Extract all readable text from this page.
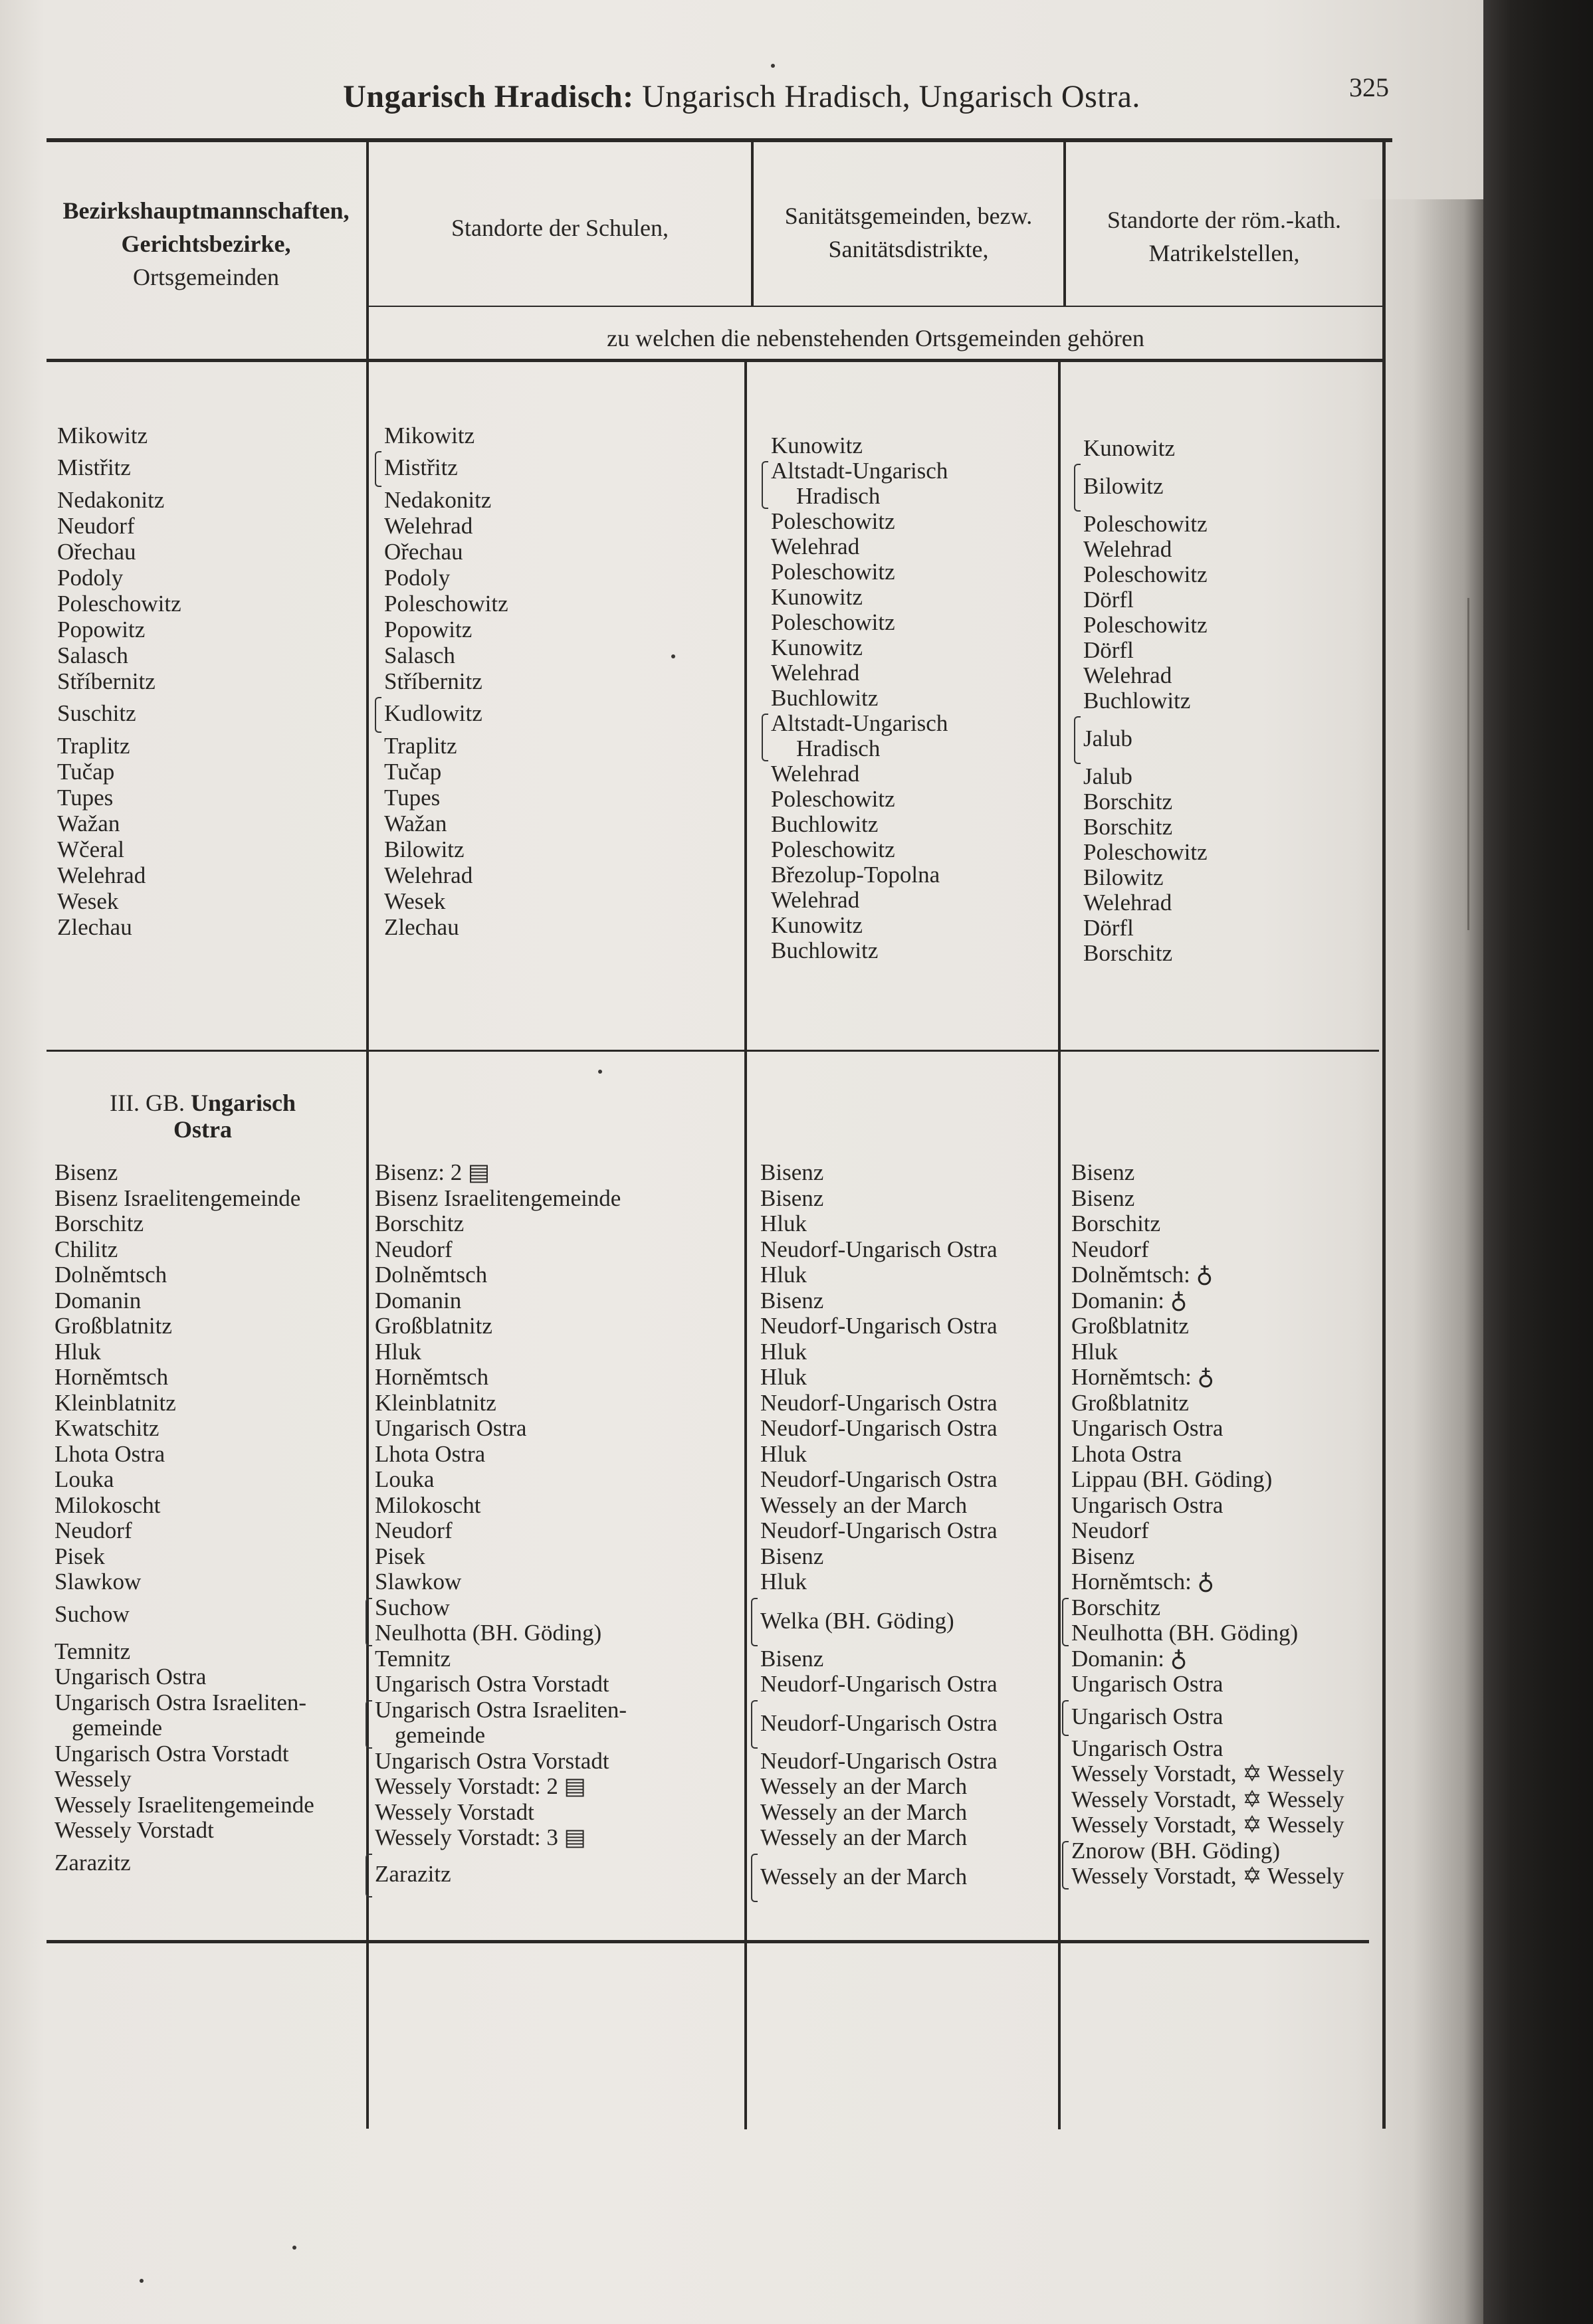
Ungarisch Hradisch: Ungarisch Hradisch, Ungarisch Ostra.	325
Bezirkshauptmannschaften,
Gerichtsbezirke,
Ortsgemeinden
Standorte der Schulen,	Sanitätsgemeinden, bezw.
Sanitätsdistrikte,
Standorte der röm.-kath.
Matrikelstellen,
zu welchen die nebenstehenden Ortsgemeinden gehören
Mikowitz
Mistřitz
Nedakonitz
Neudorf
Ořechau
Podoly
Poleschowitz
Popowitz
Salasch
Stříbernitz
Suschitz
Traplitz
Tučap
Tupes
Wažan
Wčeral
Welehrad
Wesek
Zlechau
Mikowitz
Mistřitz
Nedakonitz
Welehrad
Ořechau
Podoly
Poleschowitz
Popowitz
Salasch
Stříbernitz
Kudlowitz
Traplitz
Tučap
Tupes
Wažan
Bilowitz
Welehrad
Wesek
Zlechau
Kunowitz
Altstadt-Ungarisch
Hradisch
Poleschowitz
Welehrad
Poleschowitz
Kunowitz
Poleschowitz
Kunowitz
Welehrad
Buchlowitz
Altstadt-Ungarisch
Hradisch
Welehrad
Poleschowitz
Buchlowitz
Poleschowitz
Březolup-Topolna
Welehrad
Kunowitz
Buchlowitz
Kunowitz
Bilowitz
Poleschowitz
Welehrad
Poleschowitz
Dörfl
Poleschowitz
Dörfl
Welehrad
Buchlowitz
Jalub
Jalub
Borschitz
Borschitz
Poleschowitz
Bilowitz
Welehrad
Dörfl
Borschitz
III. GB. Ungarisch
Ostra
Bisenz
Bisenz Israelitengemeinde
Borschitz
Chilitz
Dolněmtsch
Domanin
Großblatnitz
Hluk
Horněmtsch
Kleinblatnitz
Kwatschitz
Lhota Ostra
Louka
Milokoscht
Neudorf
Pisek
Slawkow
Suchow
Temnitz
Ungarisch Ostra
Ungarisch Ostra Israeliten-
gemeinde
Ungarisch Ostra Vorstadt
Wessely
Wessely Israelitengemeinde
Wessely Vorstadt
Zarazitz
Bisenz: 2 ▤
Bisenz Israelitengemeinde
Borschitz
Neudorf
Dolněmtsch
Domanin
Großblatnitz
Hluk
Horněmtsch
Kleinblatnitz
Ungarisch Ostra
Lhota Ostra
Louka
Milokoscht
Neudorf
Pisek
Slawkow
Suchow
Neulhotta (BH. Göding)
Temnitz
Ungarisch Ostra Vorstadt
Ungarisch Ostra Israeliten-
gemeinde
Ungarisch Ostra Vorstadt
Wessely Vorstadt: 2 ▤
Wessely Vorstadt
Wessely Vorstadt: 3 ▤
Zarazitz
Bisenz
Bisenz
Hluk
Neudorf-Ungarisch Ostra
Hluk
Bisenz
Neudorf-Ungarisch Ostra
Hluk
Hluk
Neudorf-Ungarisch Ostra
Neudorf-Ungarisch Ostra
Hluk
Neudorf-Ungarisch Ostra
Wessely an der March
Neudorf-Ungarisch Ostra
Bisenz
Hluk
Welka (BH. Göding)
Bisenz
Neudorf-Ungarisch Ostra
Neudorf-Ungarisch Ostra
Neudorf-Ungarisch Ostra
Wessely an der March
Wessely an der March
Wessely an der March
Wessely an der March
Bisenz
Bisenz
Borschitz
Neudorf
Dolněmtsch: ♁
Domanin: ♁
Großblatnitz
Hluk
Horněmtsch: ♁
Großblatnitz
Ungarisch Ostra
Lhota Ostra
Lippau (BH. Göding)
Ungarisch Ostra
Neudorf
Bisenz
Horněmtsch: ♁
Borschitz
Neulhotta (BH. Göding)
Domanin: ♁
Ungarisch Ostra
Ungarisch Ostra
Ungarisch Ostra
Wessely Vorstadt, ✡ Wessely
Wessely Vorstadt, ✡ Wessely
Wessely Vorstadt, ✡ Wessely
Znorow (BH. Göding)
Wessely Vorstadt, ✡ Wessely
